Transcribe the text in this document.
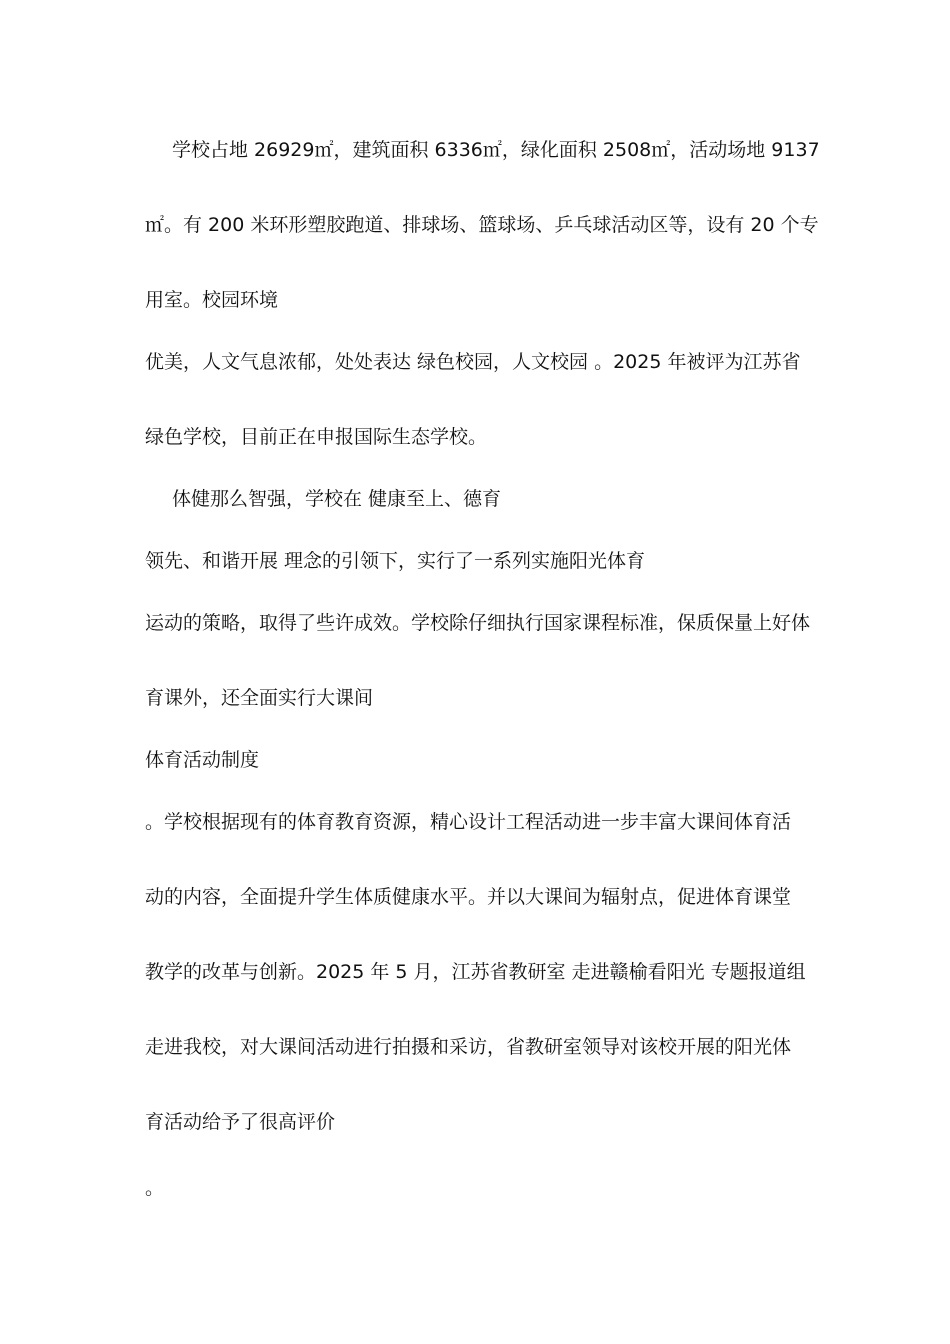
学校占地 26929㎡，建筑面积 6336㎡，绿化面积 2508㎡，活动场地 9137
㎡。有 200 米环形塑胶跑道、排球场、篮球场、乒乓球活动区等，设有 20 个专
用室。校园环境
优美，人文气息浓郁，处处表达 绿色校园，人文校园 。2025 年被评为江苏省
绿色学校，目前正在申报国际生态学校。
体健那么智强，学校在 健康至上、德育
领先、和谐开展 理念的引领下，实行了一系列实施阳光体育
运动的策略，取得了些许成效。学校除仔细执行国家课程标准，保质保量上好体
育课外，还全面实行大课间
体育活动制度
。学校根据现有的体育教育资源，精心设计工程活动进一步丰富大课间体育活
动的内容，全面提升学生体质健康水平。并以大课间为辐射点，促进体育课堂
教学的改革与创新。2025 年 5 月，江苏省教研室 走进赣榆看阳光 专题报道组
走进我校，对大课间活动进行拍摄和采访，省教研室领导对该校开展的阳光体
育活动给予了很高评价
。
